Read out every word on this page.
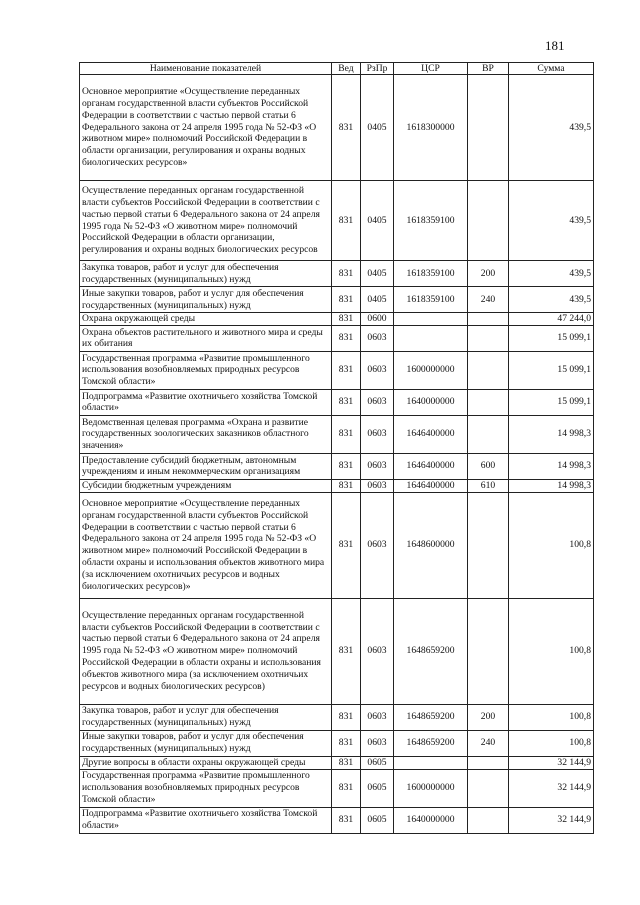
181
Наименование показателей	Вед	РзПр	ЦСР	ВР	Сумма
Основное мероприятие «Осуществление переданных органам государственной власти субъектов Российской Федерации в соответствии с частью первой статьи 6 Федерального закона от 24 апреля 1995 года № 52-ФЗ «О животном мире» полномочий Российской Федерации в области организации, регулирования и охраны водных биологических ресурсов»	831	0405	1618300000		439,5
Осуществление переданных органам государственной власти субъектов Российской Федерации в соответствии с частью первой статьи 6 Федерального закона от 24 апреля 1995 года № 52-ФЗ «О животном мире» полномочий Российской Федерации в области организации, регулирования и охраны водных биологических ресурсов	831	0405	1618359100		439,5
Закупка товаров, работ и услуг для обеспечения государственных (муниципальных) нужд	831	0405	1618359100	200	439,5
Иные закупки товаров, работ и услуг для обеспечения государственных (муниципальных) нужд	831	0405	1618359100	240	439,5
Охрана окружающей среды	831	0600			47 244,0
Охрана объектов растительного и животного мира и среды их обитания	831	0603			15 099,1
Государственная программа «Развитие промышленного использования возобновляемых природных ресурсов Томской области»	831	0603	1600000000		15 099,1
Подпрограмма «Развитие охотничьего хозяйства Томской области»	831	0603	1640000000		15 099,1
Ведомственная целевая программа «Охрана и развитие государственных зоологических заказников областного значения»	831	0603	1646400000		14 998,3
Предоставление субсидий бюджетным, автономным учреждениям и иным некоммерческим организациям	831	0603	1646400000	600	14 998,3
Субсидии бюджетным учреждениям	831	0603	1646400000	610	14 998,3
Основное мероприятие «Осуществление переданных органам государственной власти субъектов Российской Федерации в соответствии с частью первой статьи 6 Федерального закона от 24 апреля 1995 года № 52-ФЗ «О животном мире» полномочий Российской Федерации в области охраны и использования объектов животного мира (за исключением охотничьих ресурсов и водных биологических ресурсов)»	831	0603	1648600000		100,8
Осуществление переданных органам государственной власти субъектов Российской Федерации в соответствии с частью первой статьи 6 Федерального закона от 24 апреля 1995 года № 52-ФЗ «О животном мире» полномочий Российской Федерации в области охраны и использования объектов животного мира (за исключением охотничьих ресурсов и водных биологических ресурсов)	831	0603	1648659200		100,8
Закупка товаров, работ и услуг для обеспечения государственных (муниципальных) нужд	831	0603	1648659200	200	100,8
Иные закупки товаров, работ и услуг для обеспечения государственных (муниципальных) нужд	831	0603	1648659200	240	100,8
Другие вопросы в области охраны окружающей среды	831	0605			32 144,9
Государственная программа «Развитие промышленного использования возобновляемых природных ресурсов Томской области»	831	0605	1600000000		32 144,9
Подпрограмма «Развитие охотничьего хозяйства Томской области»	831	0605	1640000000		32 144,9
